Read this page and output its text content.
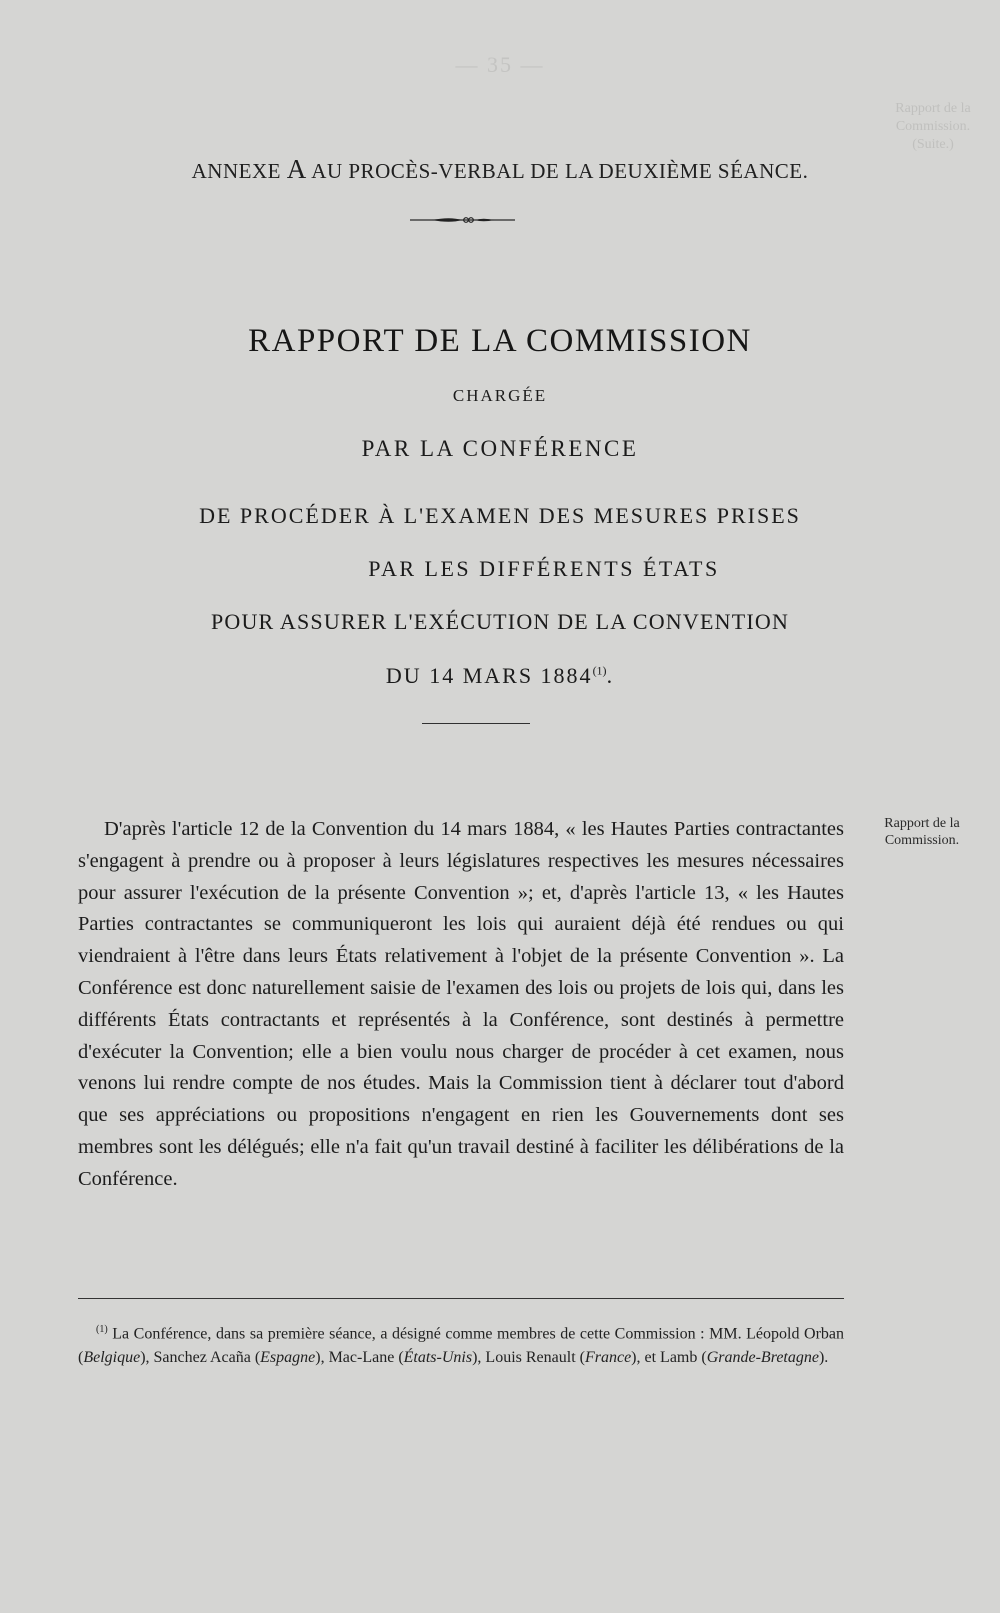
— 35 —
Rapport de la Commission. (Suite.)
ANNEXE A AU PROCÈS-VERBAL DE LA DEUXIÈME SÉANCE.
RAPPORT DE LA COMMISSION
CHARGÉE
PAR LA CONFÉRENCE
DE PROCÉDER À L'EXAMEN DES MESURES PRISES
PAR LES DIFFÉRENTS ÉTATS
POUR ASSURER L'EXÉCUTION DE LA CONVENTION
DU 14 MARS 1884$^{(1)}$.
D'après l'article 12 de la Convention du 14 mars 1884, « les Hautes Parties contractantes s'engagent à prendre ou à proposer à leurs législatures respectives les mesures nécessaires pour assurer l'exécution de la présente Convention »; et, d'après l'article 13, « les Hautes Parties contractantes se communiqueront les lois qui auraient déjà été rendues ou qui viendraient à l'être dans leurs États relativement à l'objet de la présente Convention ». La Conférence est donc naturellement saisie de l'examen des lois ou projets de lois qui, dans les différents États contractants et représentés à la Conférence, sont destinés à permettre d'exécuter la Convention; elle a bien voulu nous charger de procéder à cet examen, nous venons lui rendre compte de nos études. Mais la Commission tient à déclarer tout d'abord que ses appréciations ou propositions n'engagent en rien les Gouvernements dont ses membres sont les délégués; elle n'a fait qu'un travail destiné à faciliter les délibérations de la Conférence.
Rapport de la Commission.
$^{(1)}$ La Conférence, dans sa première séance, a désigné comme membres de cette Commission : MM. Léopold Orban (Belgique), Sanchez Acaña (Espagne), Mac-Lane (États-Unis), Louis Renault (France), et Lamb (Grande-Bretagne).
